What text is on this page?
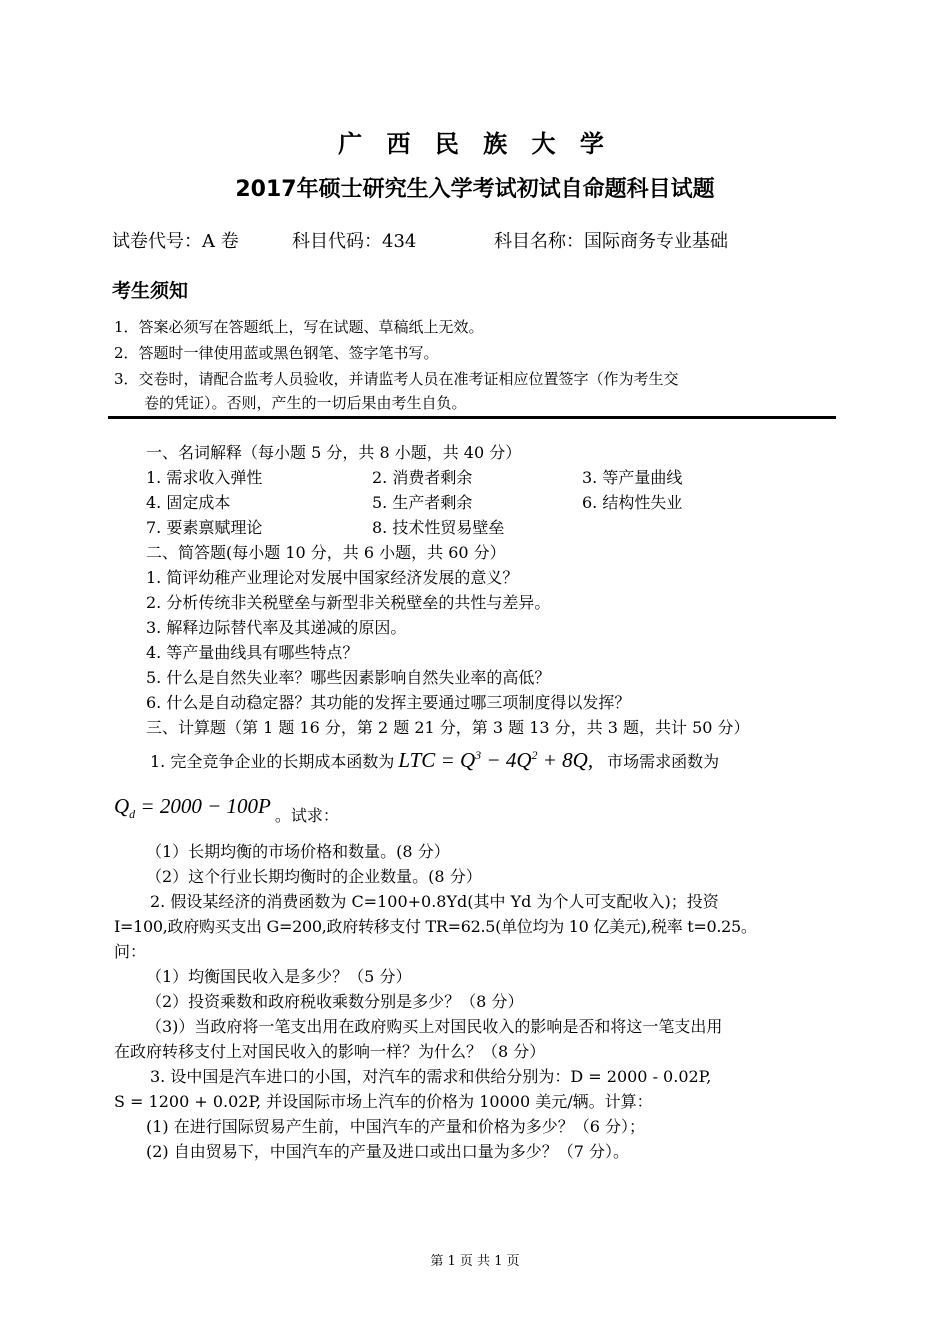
广 西 民 族 大 学
2017年硕士研究生入学考试初试自命题科目试题
试卷代号：A 卷	科目代码：434	科目名称：国际商务专业基础
考生须知
1．答案必须写在答题纸上，写在试题、草稿纸上无效。
2．答题时一律使用蓝或黑色钢笔、签字笔书写。
3．交卷时，请配合监考人员验收，并请监考人员在准考证相应位置签字（作为考生交
卷的凭证）。否则，产生的一切后果由考生自负。
一、名词解释（每小题 5 分，共 8 小题，共 40 分）
1. 需求收入弹性	2. 消费者剩余	3. 等产量曲线
4. 固定成本	5. 生产者剩余	6. 结构性失业
7. 要素禀赋理论	8. 技术性贸易壁垒
二、简答题(每小题 10 分，共 6 小题，共 60 分）
1. 简评幼稚产业理论对发展中国家经济发展的意义？
2. 分析传统非关税壁垒与新型非关税壁垒的共性与差异。
3. 解释边际替代率及其递减的原因。
4. 等产量曲线具有哪些特点？
5. 什么是自然失业率？哪些因素影响自然失业率的高低？
6. 什么是自动稳定器？其功能的发挥主要通过哪三项制度得以发挥？
三、计算题（第 1 题 16 分，第 2 题 21 分，第 3 题 13 分，共 3 题，共计 50 分）
1. 完全竞争企业的长期成本函数为 LTC = $Q^3 - 4Q^2 + 8Q$, 市场需求函数为
$Q_d = 2000 - 100P$ 。试求：
（1）长期均衡的市场价格和数量。(8 分）
（2）这个行业长期均衡时的企业数量。(8 分）
2. 假设某经济的消费函数为 C=100+0.8Yd(其中 Yd 为个人可支配收入)；投资
I=100,政府购买支出 G=200,政府转移支付 TR=62.5(单位均为 10 亿美元),税率 t=0.25。
问：
（1）均衡国民收入是多少？（5 分）
（2）投资乘数和政府税收乘数分别是多少？（8 分）
（3)）当政府将一笔支出用在政府购买上对国民收入的影响是否和将这一笔支出用
在政府转移支付上对国民收入的影响一样？为什么？（8 分）
3. 设中国是汽车进口的小国，对汽车的需求和供给分别为：D = 2000 - 0.02P,
S = 1200 + 0.02P, 并设国际市场上汽车的价格为 10000 美元/辆。计算：
(1) 在进行国际贸易产生前，中国汽车的产量和价格为多少？（6 分）；
(2) 自由贸易下，中国汽车的产量及进口或出口量为多少？（7 分）。
第 1 页 共 1 页
